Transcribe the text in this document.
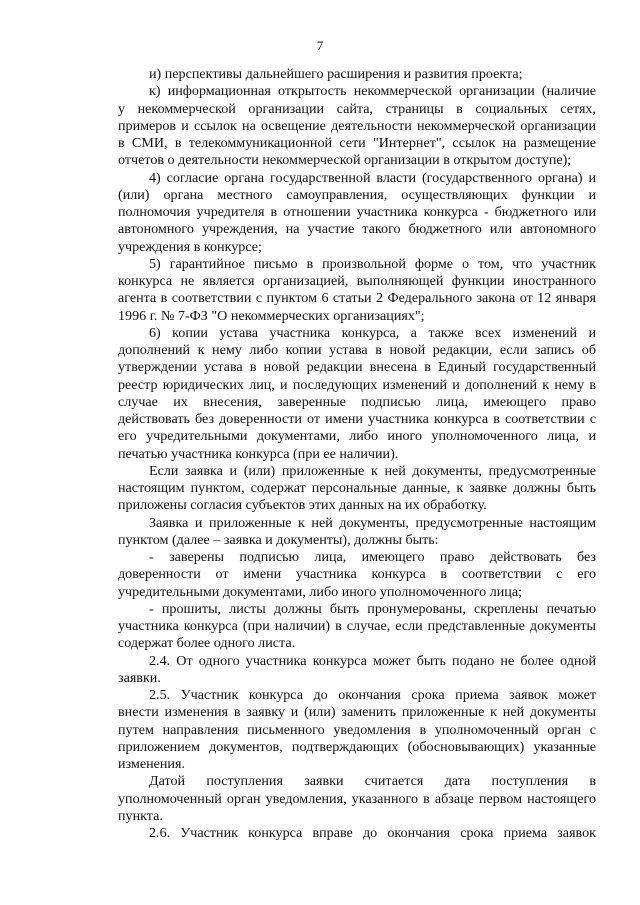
7
и) перспективы дальнейшего расширения и развития проекта;
к) информационная открытость некоммерческой организации (наличие
у некоммерческой организации сайта, страницы в социальных сетях,
примеров и ссылок на освещение деятельности некоммерческой организации
в СМИ, в телекоммуникационной сети "Интернет", ссылок на размещение
отчетов о деятельности некоммерческой организации в открытом доступе);
4) согласие органа государственной власти (государственного органа) и
(или) органа местного самоуправления, осуществляющих функции и
полномочия учредителя в отношении участника конкурса - бюджетного или
автономного учреждения, на участие такого бюджетного или автономного
учреждения в конкурсе;
5) гарантийное письмо в произвольной форме о том, что участник
конкурса не является организацией, выполняющей функции иностранного
агента в соответствии с пунктом 6 статьи 2 Федерального закона от 12 января
1996 г. № 7-ФЗ "О некоммерческих организациях";
6) копии устава участника конкурса, а также всех изменений и
дополнений к нему либо копии устава в новой редакции, если запись об
утверждении устава в новой редакции внесена в Единый государственный
реестр юридических лиц, и последующих изменений и дополнений к нему в
случае их внесения, заверенные подписью лица, имеющего право
действовать без доверенности от имени участника конкурса в соответствии с
его учредительными документами, либо иного уполномоченного лица, и
печатью участника конкурса (при ее наличии).
Если заявка и (или) приложенные к ней документы, предусмотренные
настоящим пунктом, содержат персональные данные, к заявке должны быть
приложены согласия субъектов этих данных на их обработку.
Заявка и приложенные к ней документы, предусмотренные настоящим
пунктом (далее – заявка и документы), должны быть:
- заверены подписью лица, имеющего право действовать без
доверенности от имени участника конкурса в соответствии с его
учредительными документами, либо иного уполномоченного лица;
- прошиты, листы должны быть пронумерованы, скреплены печатью
участника конкурса (при наличии) в случае, если представленные документы
содержат более одного листа.
2.4. От одного участника конкурса может быть подано не более одной
заявки.
2.5. Участник конкурса до окончания срока приема заявок может
внести изменения в заявку и (или) заменить приложенные к ней документы
путем направления письменного уведомления в уполномоченный орган с
приложением документов, подтверждающих (обосновывающих) указанные
изменения.
Датой поступления заявки считается дата поступления в
уполномоченный орган уведомления, указанного в абзаце первом настоящего
пункта.
2.6. Участник конкурса вправе до окончания срока приема заявок
